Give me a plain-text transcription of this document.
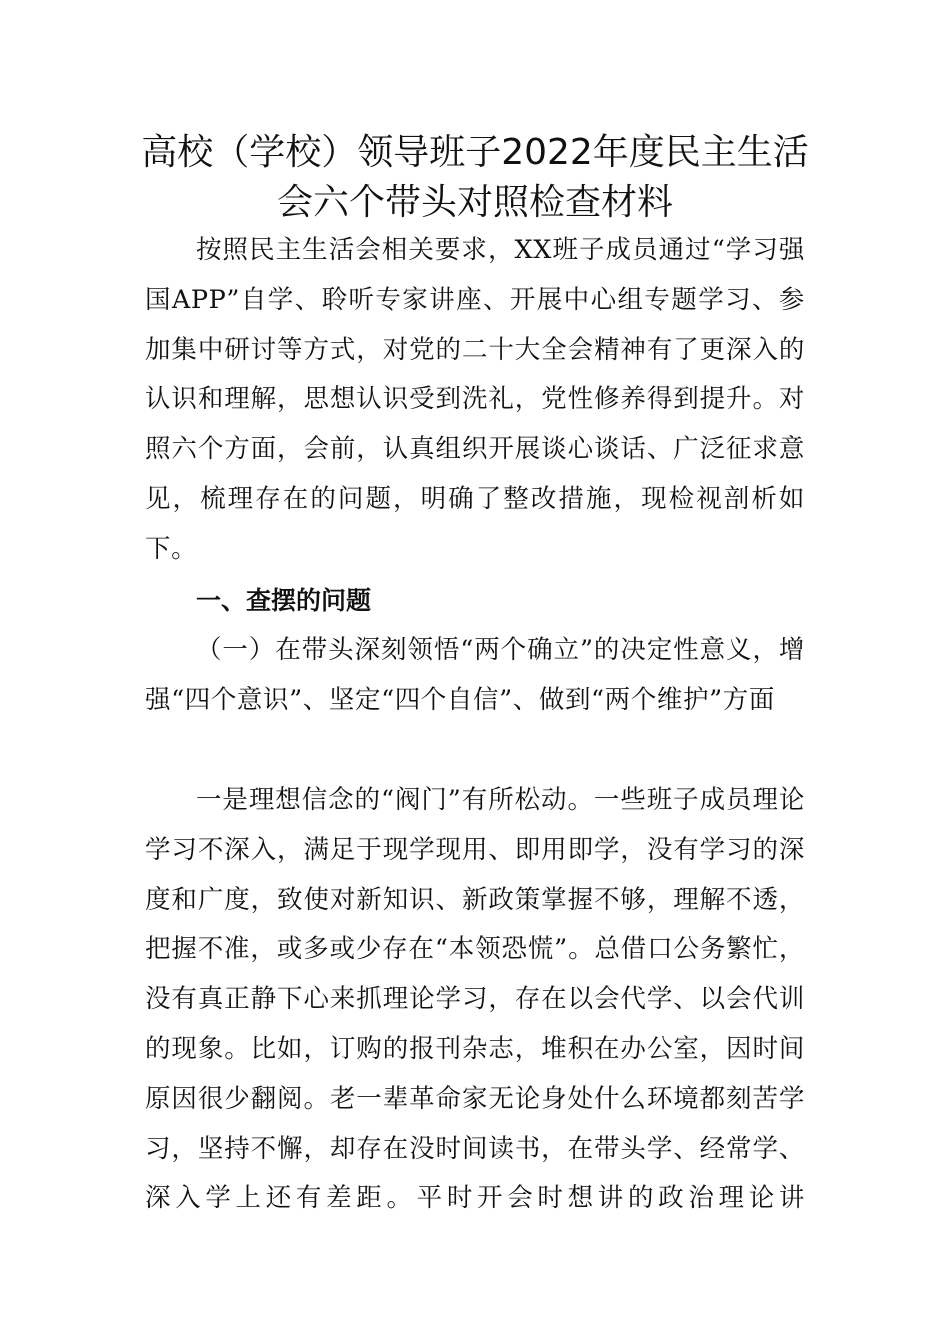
高校（学校）领导班子2022年度民主生活
会六个带头对照检查材料

按照民主生活会相关要求，XX班子成员通过“学习强国APP”自学、聆听专家讲座、开展中心组专题学习、参加集中研讨等方式，对党的二十大全会精神有了更深入的认识和理解，思想认识受到洗礼，党性修养得到提升。对照六个方面，会前，认真组织开展谈心谈话、广泛征求意见，梳理存在的问题，明确了整改措施，现检视剖析如下。

一、查摆的问题

（一）在带头深刻领悟“两个确立”的决定性意义，增强“四个意识”、坚定“四个自信”、做到“两个维护”方面

一是理想信念的“阀门”有所松动。一些班子成员理论学习不深入，满足于现学现用、即用即学，没有学习的深度和广度，致使对新知识、新政策掌握不够，理解不透，把握不准，或多或少存在“本领恐慌”。总借口公务繁忙，没有真正静下心来抓理论学习，存在以会代学、以会代训的现象。比如，订购的报刊杂志，堆积在办公室，因时间原因很少翻阅。老一辈革命家无论身处什么环境都刻苦学习，坚持不懈，却存在没时间读书，在带头学、经常学、深入学上还有差距。平时开会时想讲的政治理论讲
